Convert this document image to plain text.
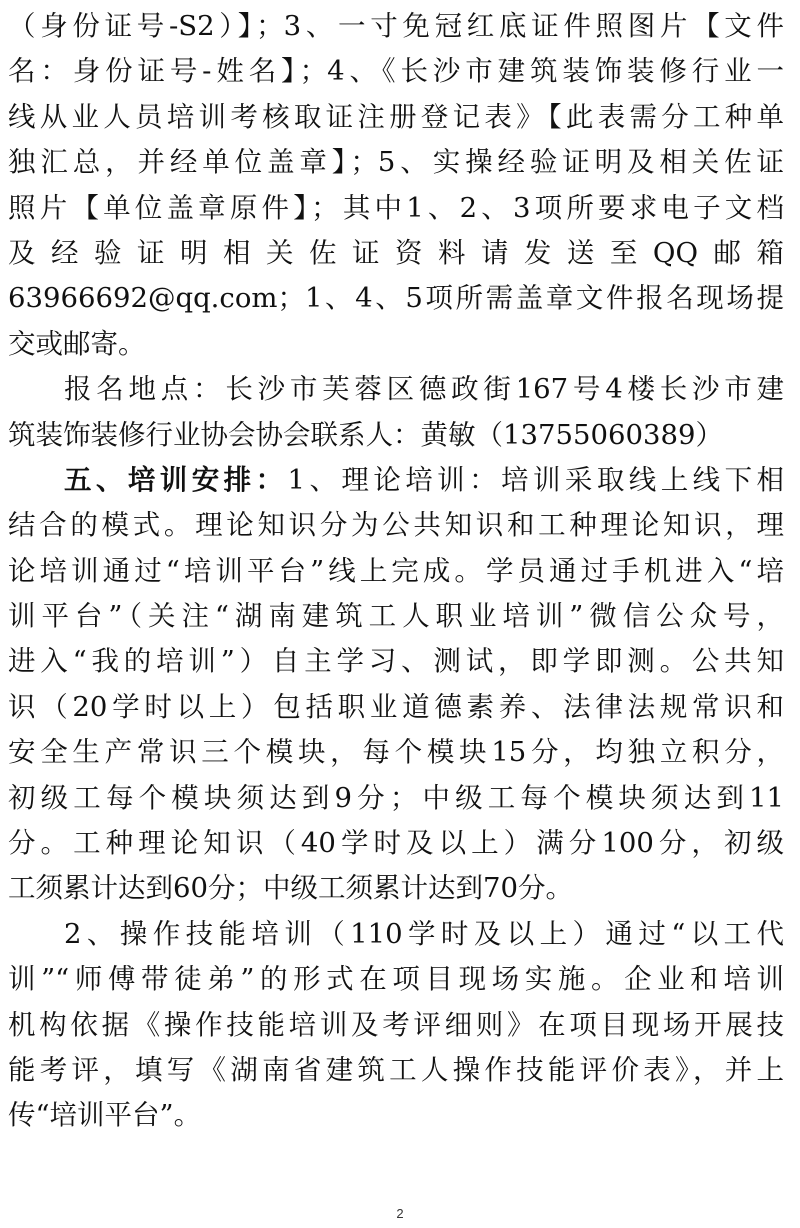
（身份证号-S2）】；3、一寸免冠红底证件照图片【文件
名：身份证号-姓名】；4、《长沙市建筑装饰装修行业一
线从业人员培训考核取证注册登记表》【此表需分工种单
独汇总，并经单位盖章】；5、实操经验证明及相关佐证
照片【单位盖章原件】；其中1、2、3项所要求电子文档
及经验证明相关佐证资料请发送至QQ邮箱
63966692@qq.com；1、4、5项所需盖章文件报名现场提
交或邮寄。
报名地点：长沙市芙蓉区德政街167号4楼长沙市建
筑装饰装修行业协会协会联系人：黄敏（13755060389）
五、培训安排：1、理论培训：培训采取线上线下相
结合的模式。理论知识分为公共知识和工种理论知识，理
论培训通过“培训平台”线上完成。学员通过手机进入“培
训平台”（关注“湖南建筑工人职业培训”微信公众号，
进入“我的培训”）自主学习、测试，即学即测。公共知
识（20学时以上）包括职业道德素养、法律法规常识和
安全生产常识三个模块，每个模块15分，均独立积分，
初级工每个模块须达到9分；中级工每个模块须达到11
分。工种理论知识（40学时及以上）满分100分，初级
工须累计达到60分；中级工须累计达到70分。
2、操作技能培训（110学时及以上）通过“以工代
训”“师傅带徒弟”的形式在项目现场实施。企业和培训
机构依据《操作技能培训及考评细则》在项目现场开展技
能考评，填写《湖南省建筑工人操作技能评价表》，并上
传“培训平台”。
2
